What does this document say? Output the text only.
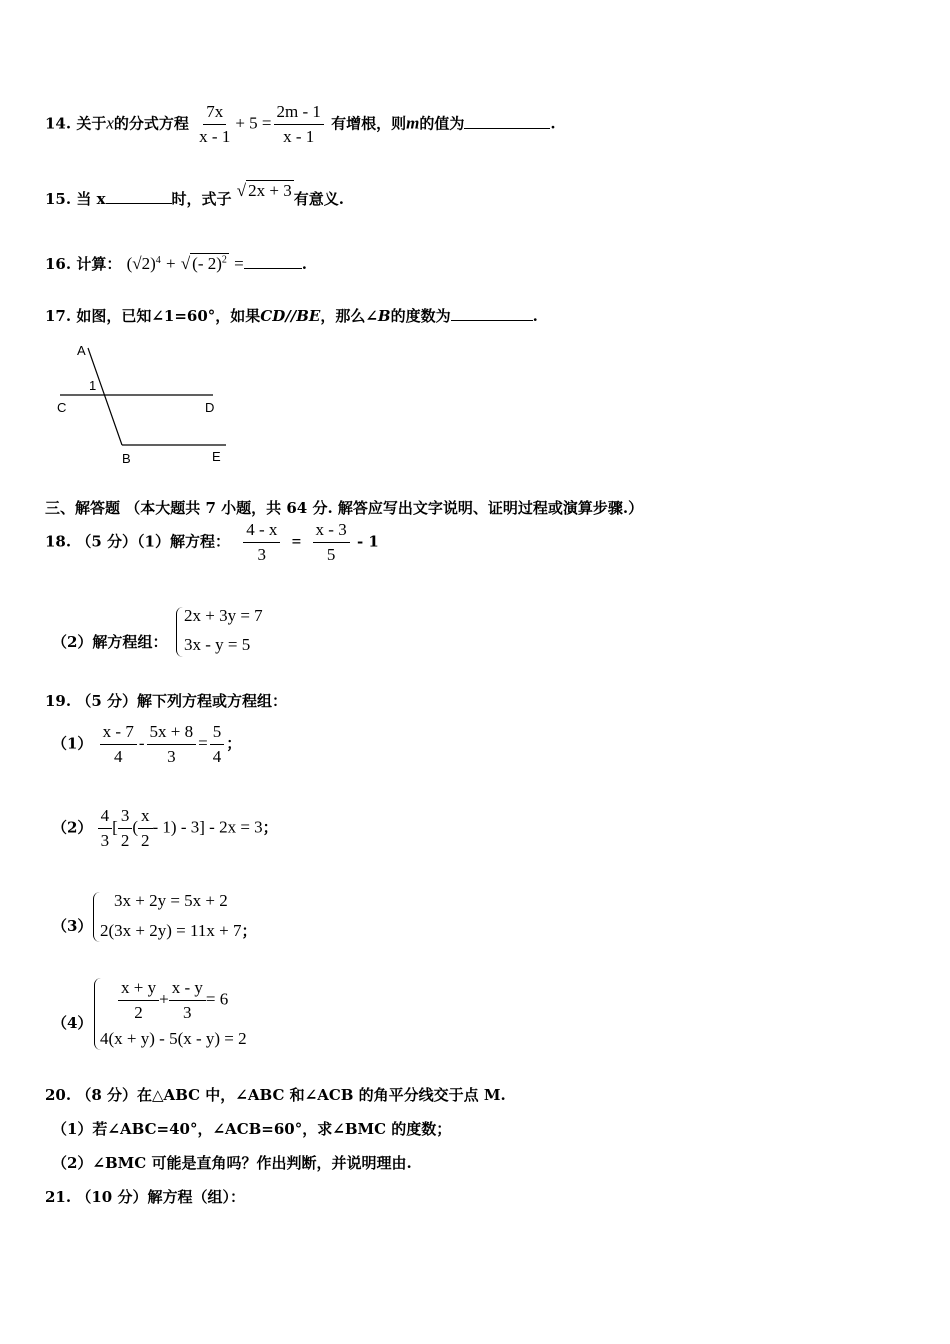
14. 关于x的分式方程 $\frac{7x}{x - 1} + 5 = \frac{2m - 1}{x - 1}$ 有增根，则m的值为	.
15. 当 x	时，式子 √ 2x + 3 有意义.
16. 计算： $(√2)^4$ + √ (- 2)$^2$ =	.
17. 如图，已知∠1=60°，如果CD//BE，那么∠B的度数为	.
A
1
C	D
B	E
三、解答题 （本大题共 7 小题，共 64 分. 解答应写出文字说明、证明过程或演算步骤.）
18. （5 分）（1）解方程： $\frac{4 - x}{3} = \frac{x - 3}{5} - 1$
（2）解方程组：
2x + 3y = 7
3x - y = 5
19. （5 分）解下列方程或方程组：
$(1) \frac{x - 7}{4} - \frac{5x + 8}{3} = \frac{5}{4}$ ；
$(2) \frac{4}{3}$ [ $\frac{3}{2}$ ( $\frac{x}{2} - 1) - 3] - 2x = 3$；
（3）
3x + 2y = 5x + 2
2(3x + 2y) = 11x + 7；
$(4) \frac{x + y}{2} + \frac{x - y}{3} = 6$
4(x + y) - 5(x - y) = 2
20. （8 分）在△ABC 中，∠ABC 和∠ACB 的角平分线交于点 M.
（1）若∠ABC=40°，∠ACB=60°，求∠BMC 的度数；
（2）∠BMC 可能是直角吗？作出判断，并说明理由.
21. （10 分）解方程（组）：
